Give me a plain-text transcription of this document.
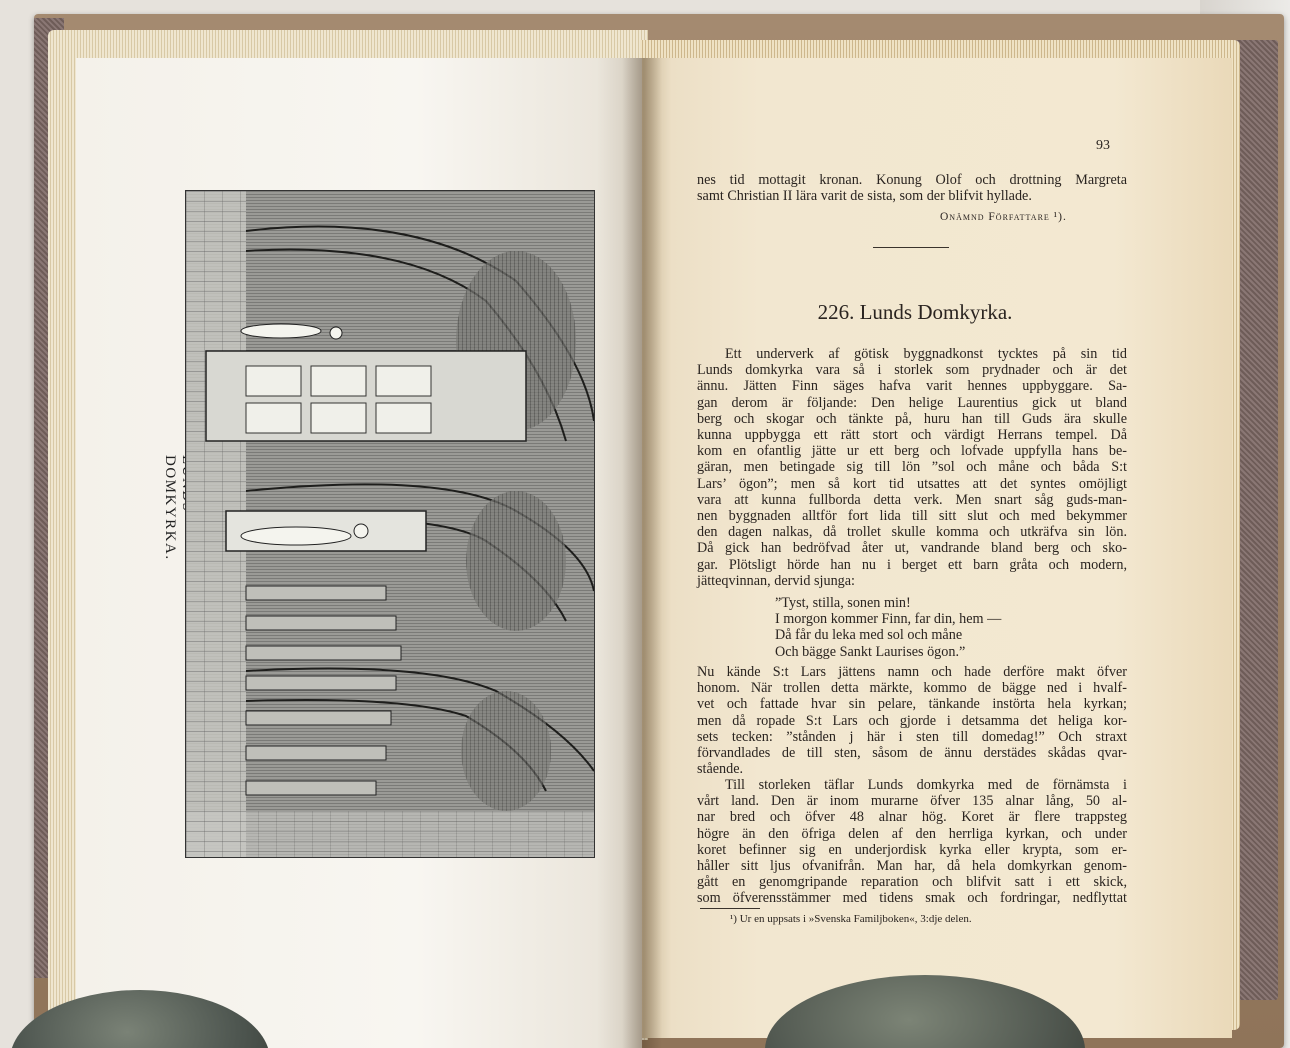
DOMKYRKA.
93
nes tid mottagit kronan. Konung Olof och drottning Margreta
samt Christian II lära varit de sista, som der blifvit hyllade.
Onämnd Författare ¹).
226. Lunds Domkyrka.
Ett underverk af götisk byggnadkonst tycktes på sin tid
Lunds domkyrka vara så i storlek som prydnader och är det
ännu. Jätten Finn säges hafva varit hennes uppbyggare. Sa-
gan derom är följande: Den helige Laurentius gick ut bland
berg och skogar och tänkte på, huru han till Guds ära skulle
kunna uppbygga ett rätt stort och värdigt Herrans tempel. Då
kom en ofantlig jätte ur ett berg och lofvade uppfylla hans be-
gäran, men betingade sig till lön ”sol och måne och båda S:t
Lars’ ögon”; men så kort tid utsattes att det syntes omöjligt
vara att kunna fullborda detta verk. Men snart såg guds-man-
nen byggnaden alltför fort lida till sitt slut och med bekymmer
den dagen nalkas, då trollet skulle komma och utkräfva sin lön.
Då gick han bedröfvad åter ut, vandrande bland berg och sko-
gar. Plötsligt hörde han nu i berget ett barn gråta och modern,
jätteqvinnan, dervid sjunga:
”Tyst, stilla, sonen min!
I morgon kommer Finn, far din, hem —
Då får du leka med sol och måne
Och bägge Sankt Laurises ögon.”
Nu kände S:t Lars jättens namn och hade derföre makt öfver
honom. När trollen detta märkte, kommo de bägge ned i hvalf-
vet och fattade hvar sin pelare, tänkande instörta hela kyrkan;
men då ropade S:t Lars och gjorde i detsamma det heliga kor-
sets tecken: ”stånden j här i sten till domedag!” Och straxt
förvandlades de till sten, såsom de ännu derstädes skådas qvar-
stående.
Till storleken täflar Lunds domkyrka med de förnämsta i
vårt land. Den är inom murarne öfver 135 alnar lång, 50 al-
nar bred och öfver 48 alnar hög. Koret är flere trappsteg
högre än den öfriga delen af den herrliga kyrkan, och under
koret befinner sig en underjordisk kyrka eller krypta, som er-
håller sitt ljus ofvanifrån. Man har, då hela domkyrkan genom-
gått en genomgripande reparation och blifvit satt i ett skick,
som öfverensstämmer med tidens smak och fordringar, nedflyttat
¹) Ur en uppsats i »Svenska Familjboken«, 3:dje delen.
